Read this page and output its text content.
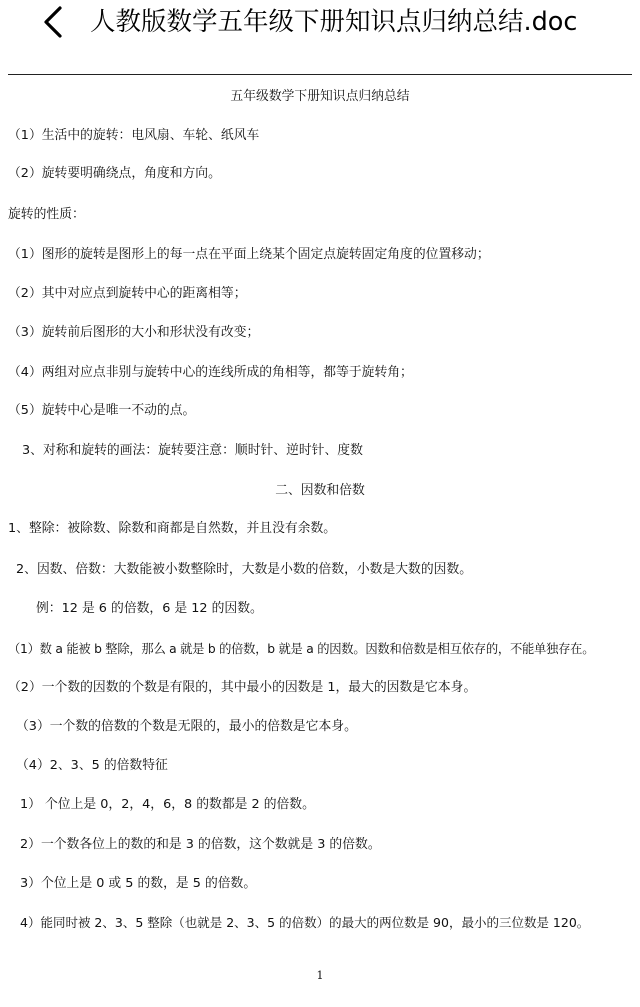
人教版数学五年级下册知识点归纳总结.doc
五年级数学下册知识点归纳总结
（1）生活中的旋转：电风扇、车轮、纸风车
（2）旋转要明确绕点，角度和方向。
旋转的性质：
（1）图形的旋转是图形上的每一点在平面上绕某个固定点旋转固定角度的位置移动；
（2）其中对应点到旋转中心的距离相等；
（3）旋转前后图形的大小和形状没有改变；
（4）两组对应点非别与旋转中心的连线所成的角相等，都等于旋转角；
（5）旋转中心是唯一不动的点。
3、对称和旋转的画法：旋转要注意：顺时针、逆时针、度数
二、因数和倍数
1、整除：被除数、除数和商都是自然数，并且没有余数。
2、因数、倍数：大数能被小数整除时，大数是小数的倍数，小数是大数的因数。
例：12 是 6 的倍数，6 是 12 的因数。
（1）数 a 能被 b 整除，那么 a 就是 b 的倍数，b 就是 a 的因数。因数和倍数是相互依存的，不能单独存在。
（2）一个数的因数的个数是有限的，其中最小的因数是 1，最大的因数是它本身。
（3）一个数的倍数的个数是无限的，最小的倍数是它本身。
（4）2、3、5 的倍数特征
1） 个位上是 0，2，4，6，8 的数都是 2 的倍数。
2）一个数各位上的数的和是 3 的倍数，这个数就是 3 的倍数。
3）个位上是 0 或 5 的数，是 5 的倍数。
4）能同时被 2、3、5 整除（也就是 2、3、5 的倍数）的最大的两位数是 90，最小的三位数是 120。
1
